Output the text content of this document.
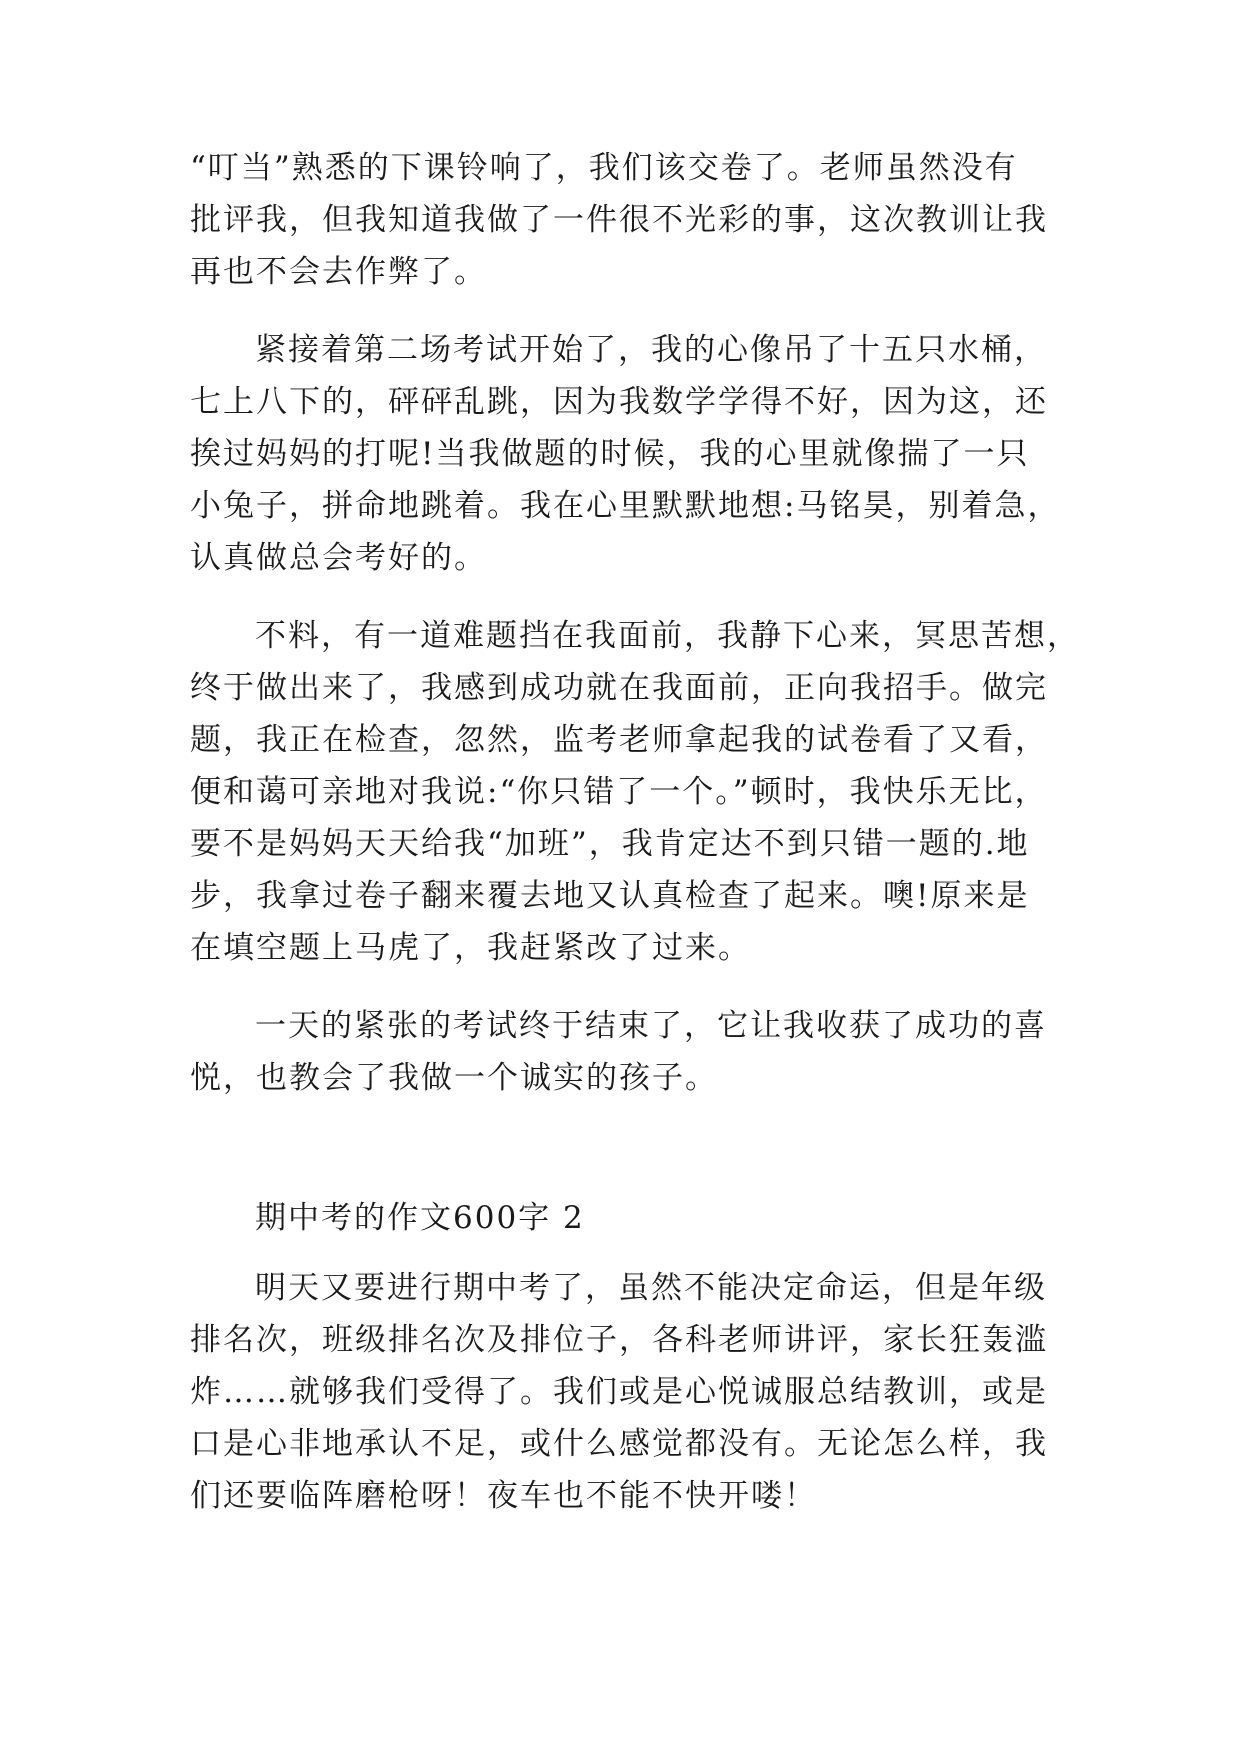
“叮当”熟悉的下课铃响了，我们该交卷了。老师虽然没有
批评我，但我知道我做了一件很不光彩的事，这次教训让我
再也不会去作弊了。
紧接着第二场考试开始了，我的心像吊了十五只水桶，
七上八下的，砰砰乱跳，因为我数学学得不好，因为这，还
挨过妈妈的打呢!当我做题的时候，我的心里就像揣了一只
小兔子，拼命地跳着。我在心里默默地想:马铭昊，别着急，
认真做总会考好的。
不料，有一道难题挡在我面前，我静下心来，冥思苦想，
终于做出来了，我感到成功就在我面前，正向我招手。做完
题，我正在检查，忽然，监考老师拿起我的试卷看了又看，
便和蔼可亲地对我说:“你只错了一个。”顿时，我快乐无比，
要不是妈妈天天给我“加班”，我肯定达不到只错一题的.地
步，我拿过卷子翻来覆去地又认真检查了起来。噢!原来是
在填空题上马虎了，我赶紧改了过来。
一天的紧张的考试终于结束了，它让我收获了成功的喜
悦，也教会了我做一个诚实的孩子。
期中考的作文600字 2
明天又要进行期中考了，虽然不能决定命运，但是年级
排名次，班级排名次及排位子，各科老师讲评，家长狂轰滥
炸……就够我们受得了。我们或是心悦诚服总结教训，或是
口是心非地承认不足，或什么感觉都没有。无论怎么样，我
们还要临阵磨枪呀！夜车也不能不快开喽！
